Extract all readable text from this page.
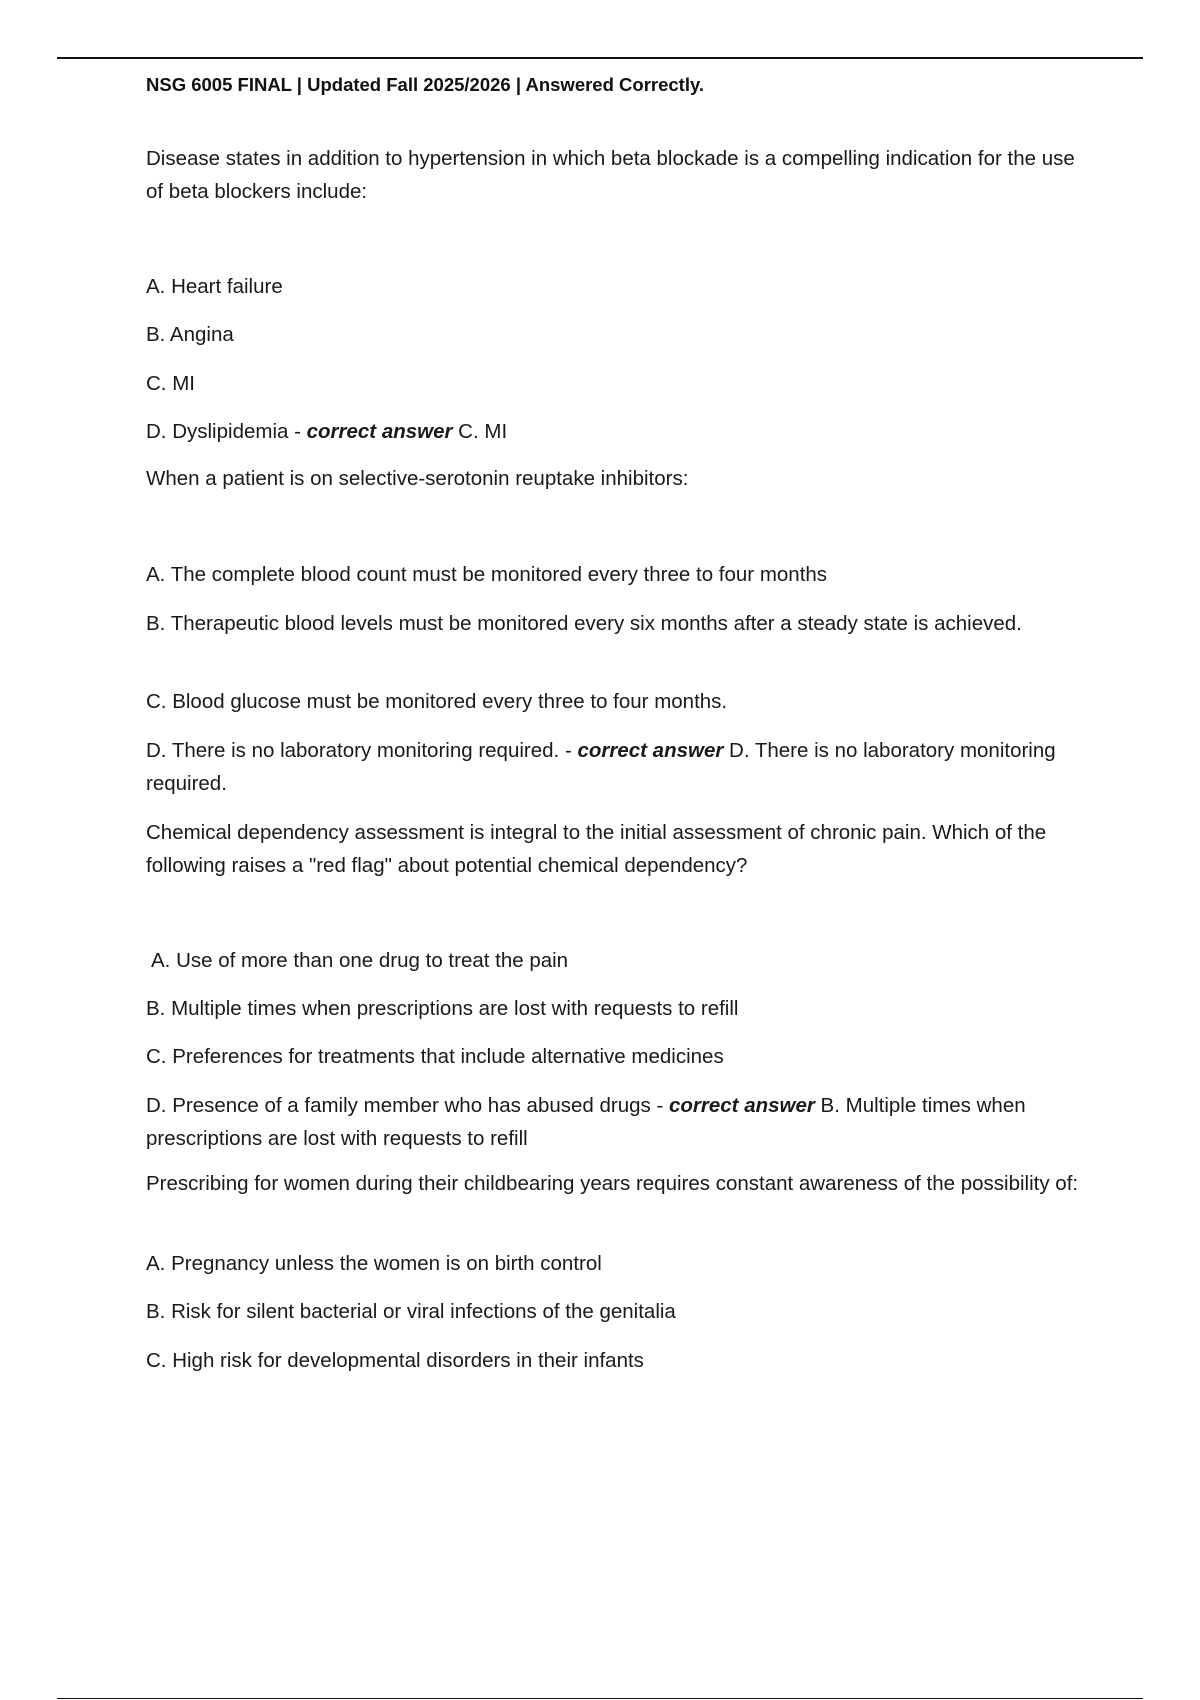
NSG 6005 FINAL | Updated Fall 2025/2026 | Answered Correctly.

Disease states in addition to hypertension in which beta blockade is a compelling indication for the use of beta blockers include:

A. Heart failure

B. Angina

C. MI

D. Dyslipidemia - correct answer C. MI

When a patient is on selective-serotonin reuptake inhibitors:

A. The complete blood count must be monitored every three to four months

B. Therapeutic blood levels must be monitored every six months after a steady state is achieved.

C. Blood glucose must be monitored every three to four months.

D. There is no laboratory monitoring required. - correct answer D. There is no laboratory monitoring required.

Chemical dependency assessment is integral to the initial assessment of chronic pain. Which of the following raises a "red flag" about potential chemical dependency?

A. Use of more than one drug to treat the pain

B. Multiple times when prescriptions are lost with requests to refill

C. Preferences for treatments that include alternative medicines

D. Presence of a family member who has abused drugs - correct answer B. Multiple times when prescriptions are lost with requests to refill

Prescribing for women during their childbearing years requires constant awareness of the possibility of:

A. Pregnancy unless the women is on birth control

B. Risk for silent bacterial or viral infections of the genitalia

C. High risk for developmental disorders in their infants
